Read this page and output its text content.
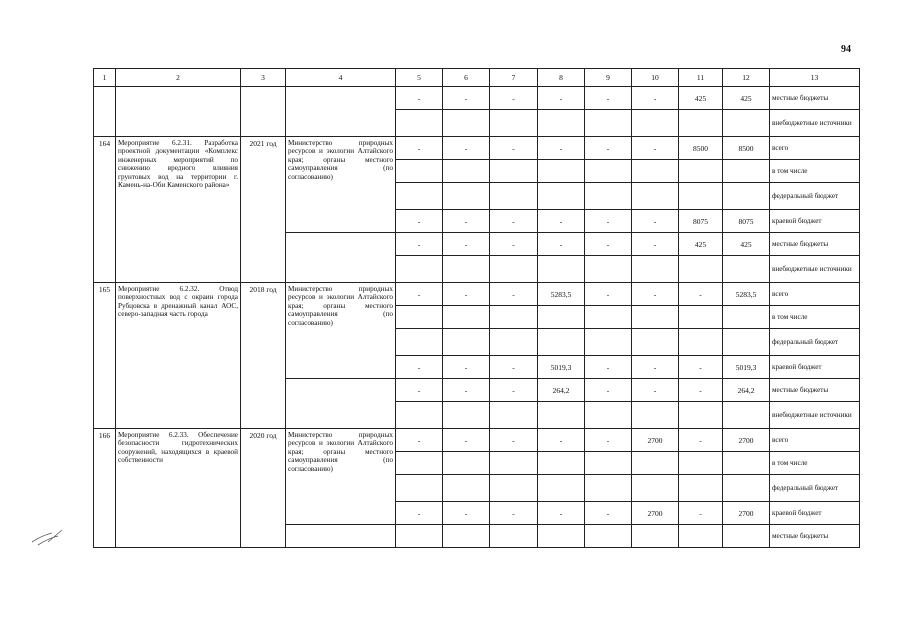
94
1	2	3	4	5	6	7	8	9	10	11	12	13
				-	-	-	-	-	-	425	425	местные бюджеты
												внебюджетные источники
164	Мероприятие 6.2.31. Разработка проектной документации «Комплекс инженерных мероприятий по снижению вредного влияния грунтовых вод на территории г. Камень-на-Оби Каменского района»	2021 год	Министерство природных ресурсов и экологии Алтайского края; органы местного самоуправления (по согласованию)	-	-	-	-	-	-	8500	8500	всего
												в том числе
												федеральный бюджет
				-	-	-	-	-	-	8075	8075	краевой бюджет
				-	-	-	-	-	-	425	425	местные бюджеты
												внебюджетные источники
165	Мероприятие 6.2.32. Отвод поверхностных вод с окраин города Рубцовска в дренажный канал АОС, северо-западная часть города	2018 год	Министерство природных ресурсов и экологии Алтайского края; органы местного самоуправления (по согласованию)	-	-	-	5283,5	-	-	-	5283,5	всего
												в том числе
												федеральный бюджет
				-	-	-	5019,3	-	-	-	5019,3	краевой бюджет
				-	-	-	264,2	-	-	-	264,2	местные бюджеты
												внебюджетные источники
166	Мероприятие 6.2.33. Обеспечение безопасности гидротехнических сооружений, находящихся в краевой собственности	2020 год	Министерство природных ресурсов и экологии Алтайского края; органы местного самоуправления (по согласованию)	-	-	-	-	-	2700	-	2700	всего
												в том числе
												федеральный бюджет
				-	-	-	-	-	2700	-	2700	краевой бюджет
												местные бюджеты
